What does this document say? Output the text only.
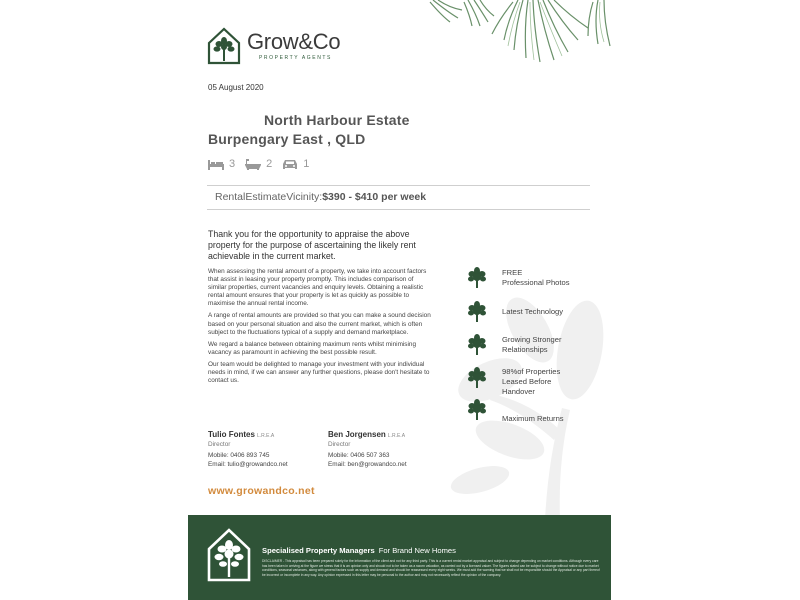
Grow&Co
PROPERTY AGENTS
05 August 2020
North Harbour Estate
Burpengary East , QLD
3	2	1
RentalEstimateVicinity:$390 - $410 per week
Thank you for the opportunity to appraise the above property for the purpose of ascertaining the likely rent achievable in the current market.

When assessing the rental amount of a property, we take into account factors that assist in leasing your property promptly. This includes comparison of similar properties, current vacancies and enquiry levels. Obtaining a realistic rental amount ensures that your property is let as quickly as possible to maximise the annual rental income.

A range of rental amounts are provided so that you can make a sound decision based on your personal situation and also the current market, which is often subject to the fluctuations typical of a supply and demand marketplace.

We regard a balance between obtaining maximum rents whilst minimising vacancy as paramount in achieving the best possible result.

Our team would be delighted to manage your investment with your individual needs in mind, if we can answer any further questions, please don't hesitate to contact us.

FREE
Professional Photos
Latest Technology
Growing Stronger
Relationships
98%of Properties
Leased Before
Handover
Maximum Returns
Tulio Fontes L.R.E.A
Director
Mobile: 0406 893 745
Email: tulio@growandco.net
Ben Jorgensen L.R.E.A
Director
Mobile: 0406 507 363
Email: ben@growandco.net
www.growandco.net
Specialised Property Managers For Brand New Homes
DISCLAIMER - This appraisal has been prepared solely for the information of the client and not for any third party. This is a current rental market appraisal and subject to change depending on market conditions. Although every care has been taken in arriving at the figure we stress that it is an opinion only and should not to be taken as a sworn valuation, as carried out by a licensed valuer. The figures stated can be subject to change without notice due to market conditions, seasonal variances, along with general factors such as supply and demand and should be reassessed every eight weeks. We must add the warning that we shall not be responsible should the Appraisal or any part thereof be incorrect or incomplete in any way. Any opinion expressed in this letter may be personal to the author and may not necessarily reflect the opinion of the company.
